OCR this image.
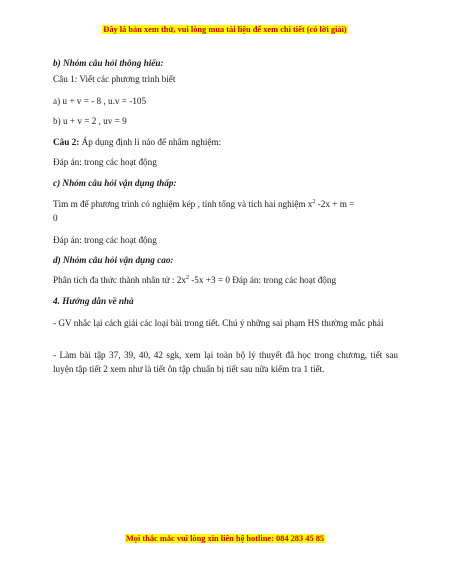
Đây là bản xem thử, vui lòng mua tài liệu để xem chi tiết (có lời giải)
b) Nhóm câu hỏi thông hiểu:
Câu 1: Viết các phương trình biết
a) u + v = - 8 , u.v = -105
b) u + v = 2 , uv = 9
Câu 2: Áp dụng định lí nào để nhẩm nghiệm:
Đáp án: trong các hoạt động
c) Nhóm câu hỏi vận dụng thấp:
Tìm m để phương trình có nghiệm kép , tính tổng và tích hai nghiệm $x^2$ -2x + m =
0
Đáp án: trong các hoạt động
d) Nhóm câu hỏi vận dụng cao:
Phân tích đa thức thành nhân tử : $2x^2$ -5x +3 = 0 Đáp án: trong các hoạt động
4. Hướng dẫn về nhà
- GV nhắc lại cách giải các loại bài trong tiết. Chú ý những sai phạm HS thường mắc phải
- Làm bài tập 37, 39, 40, 42 sgk, xem lại toàn bộ lý thuyết đã học trong chương, tiết sau luyện tập tiết 2 xem như là tiết ôn tập chuẩn bị tiết sau nữa kiểm tra 1 tiết.
Mọi thắc mắc vui lòng xin liên hệ hotline: 084 283 45 85
